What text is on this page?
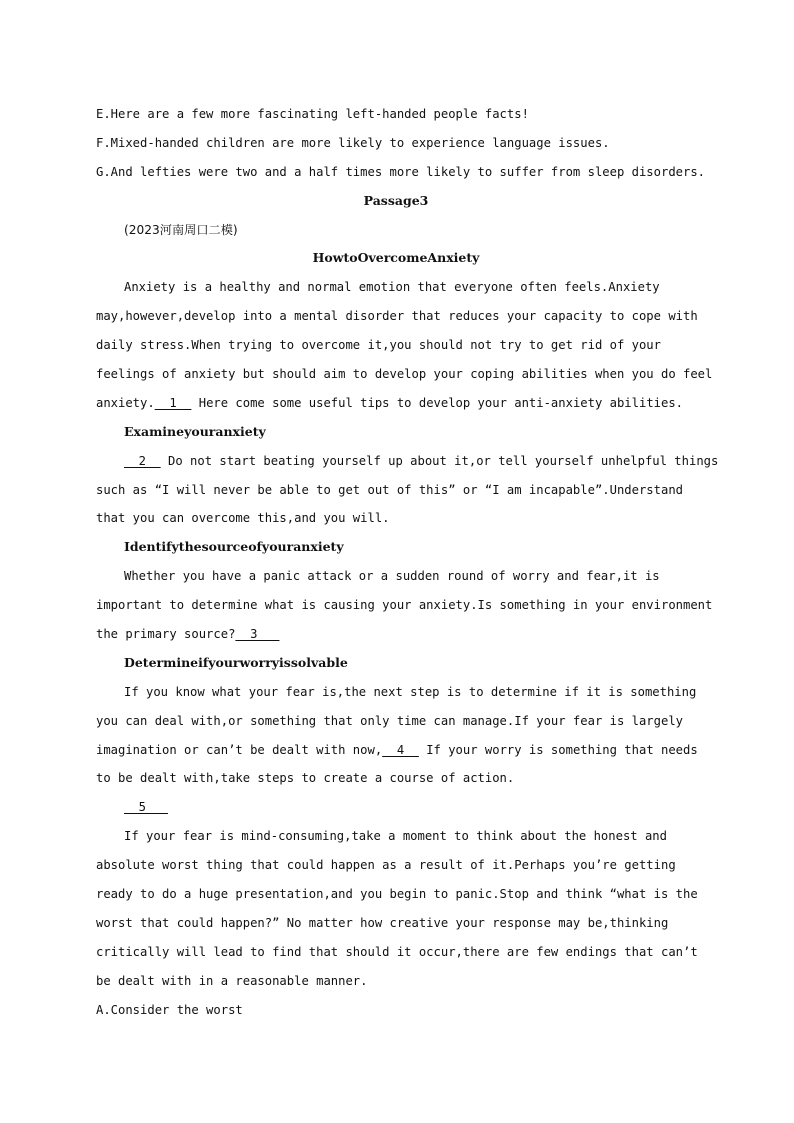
E.Here are a few more fascinating left-handed people facts!
F.Mixed-handed children are more likely to experience language issues.
G.And lefties were two and a half times more likely to suffer from sleep disorders.
Passage3
(2023河南周口二模)
HowtoOvercomeAnxiety
Anxiety is a healthy and normal emotion that everyone often feels.Anxiety
may,however,develop into a mental disorder that reduces your capacity to cope with
daily stress.When trying to overcome it,you should not try to get rid of your
feelings of anxiety but should aim to develop your coping abilities when you do feel
anxiety.  1   Here come some useful tips to develop your anti-anxiety abilities.
Examineyouranxiety
2   Do not start beating yourself up about it,or tell yourself unhelpful things
such as “I will never be able to get out of this” or “I am incapable”.Understand
that you can overcome this,and you will.
Identifythesourceofyouranxiety
Whether you have a panic attack or a sudden round of worry and fear,it is
important to determine what is causing your anxiety.Is something in your environment
the primary source?  3
Determineifyourworryissolvable
If you know what your fear is,the next step is to determine if it is something
you can deal with,or something that only time can manage.If your fear is largely
imagination or can’t be dealt with now,  4   If your worry is something that needs
to be dealt with,take steps to create a course of action.
5
If your fear is mind-consuming,take a moment to think about the honest and
absolute worst thing that could happen as a result of it.Perhaps you’re getting
ready to do a huge presentation,and you begin to panic.Stop and think “what is the
worst that could happen?” No matter how creative your response may be,thinking
critically will lead to find that should it occur,there are few endings that can’t
be dealt with in a reasonable manner.
A.Consider the worst
